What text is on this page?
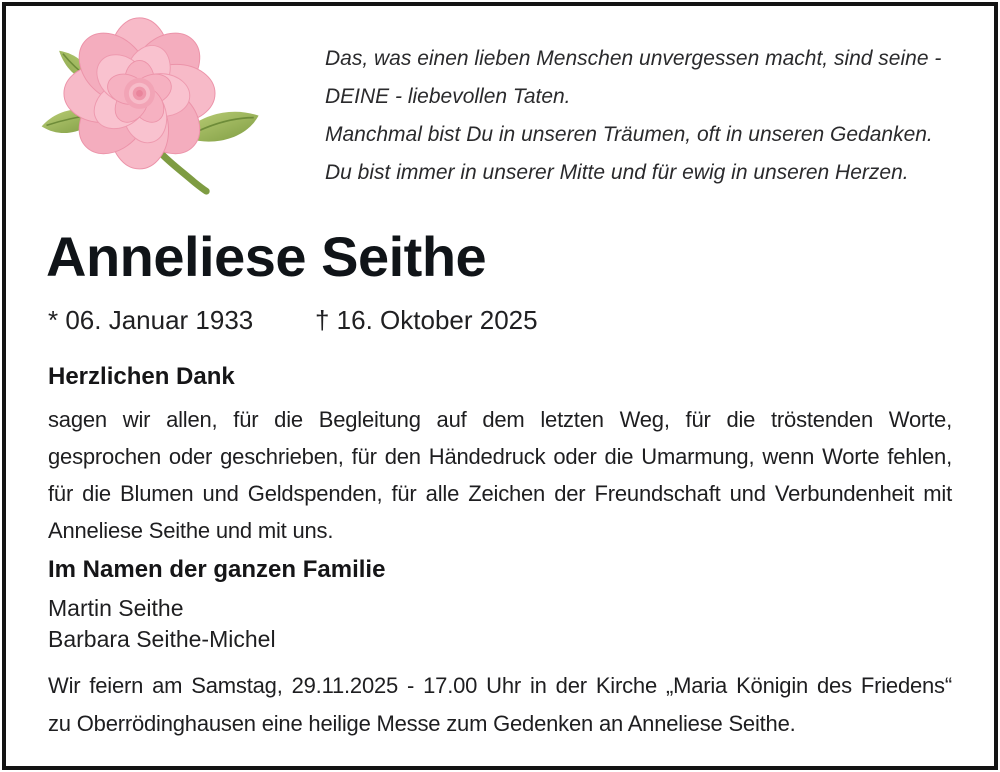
Das, was einen lieben Menschen unvergessen macht, sind seine -
DEINE - liebevollen Taten.
Manchmal bist Du in unseren Träumen, oft in unseren Gedanken.
Du bist immer in unserer Mitte und für ewig in unseren Herzen.
Anneliese Seithe
* 06. Januar 1933 † 16. Oktober 2025
Herzlichen Dank
sagen wir allen, für die Begleitung auf dem letzten Weg, für die tröstenden Worte,
gesprochen oder geschrieben, für den Händedruck oder die Umarmung, wenn Worte fehlen,
für die Blumen und Geldspenden, für alle Zeichen der Freundschaft und Verbundenheit mit
Anneliese Seithe und mit uns.
Im Namen der ganzen Familie
Martin Seithe
Barbara Seithe-Michel
Wir feiern am Samstag, 29.11.2025 - 17.00 Uhr in der Kirche „Maria Königin des Friedens“
zu Oberrödinghausen eine heilige Messe zum Gedenken an Anneliese Seithe.
